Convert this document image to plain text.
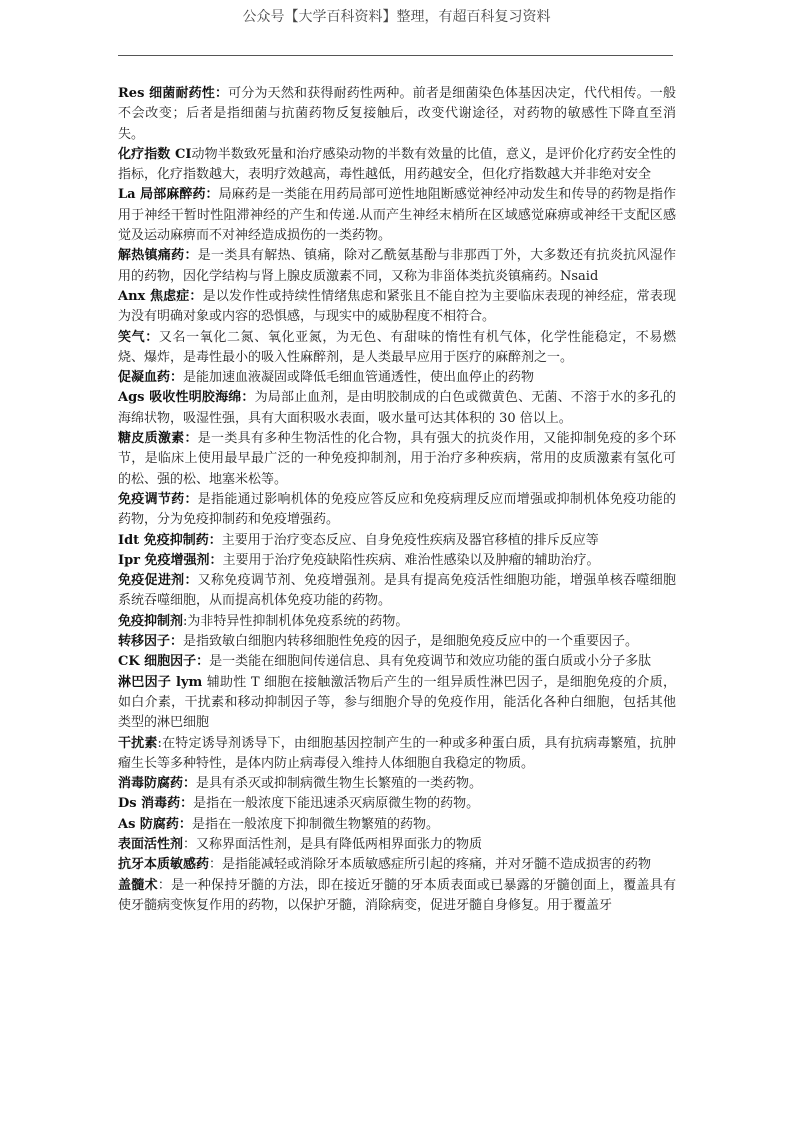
公众号【大学百科资料】整理，有超百科复习资料

Res 细菌耐药性：可分为天然和获得耐药性两种。前者是细菌染色体基因决定，代代相传。一般不会改变；后者是指细菌与抗菌药物反复接触后，改变代谢途径，对药物的敏感性下降直至消失。

化疗指数 CI动物半数致死量和治疗感染动物的半数有效量的比值，意义，是评价化疗药安全性的指标，化疗指数越大，表明疗效越高，毒性越低，用药越安全，但化疗指数越大并非绝对安全

La 局部麻醉药：局麻药是一类能在用药局部可逆性地阻断感觉神经冲动发生和传导的药物是指作用于神经干暂时性阻滞神经的产生和传递.从而产生神经末梢所在区域感觉麻痹或神经干支配区感觉及运动麻痹而不对神经造成损伤的一类药物。

解热镇痛药：是一类具有解热、镇痛，除对乙酰氨基酚与非那西丁外，大多数还有抗炎抗风湿作用的药物，因化学结构与肾上腺皮质激素不同，又称为非甾体类抗炎镇痛药。Nsaid

Anx 焦虑症：是以发作性或持续性情绪焦虑和紧张且不能自控为主要临床表现的神经症，常表现为没有明确对象或内容的恐惧感，与现实中的威胁程度不相符合。

笑气：又名一氧化二氮、氧化亚氮，为无色、有甜味的惰性有机气体，化学性能稳定，不易燃烧、爆炸，是毒性最小的吸入性麻醉剂，是人类最早应用于医疗的麻醉剂之一。

促凝血药：是能加速血液凝固或降低毛细血管通透性，使出血停止的药物

Ags 吸收性明胶海绵：为局部止血剂，是由明胶制成的白色或微黄色、无菌、不溶于水的多孔的海绵状物，吸湿性强，具有大面积吸水表面，吸水量可达其体积的 30 倍以上。

糖皮质激素：是一类具有多种生物活性的化合物，具有强大的抗炎作用，又能抑制免疫的多个环节，是临床上使用最早最广泛的一种免疫抑制剂，用于治疗多种疾病，常用的皮质激素有氢化可的松、强的松、地塞米松等。

免疫调节药：是指能通过影响机体的免疫应答反应和免疫病理反应而增强或抑制机体免疫功能的药物，分为免疫抑制药和免疫增强药。

Idt 免疫抑制药：主要用于治疗变态反应、自身免疫性疾病及器官移植的排斥反应等

Ipr 免疫增强剂：主要用于治疗免疫缺陷性疾病、难治性感染以及肿瘤的辅助治疗。

免疫促进剂：又称免疫调节剂、免疫增强剂。是具有提高免疫活性细胞功能，增强单核吞噬细胞系统吞噬细胞，从而提高机体免疫功能的药物。

免疫抑制剂:为非特异性抑制机体免疫系统的药物。

转移因子：是指致敏白细胞内转移细胞性免疫的因子，是细胞免疫反应中的一个重要因子。

CK 细胞因子：是一类能在细胞间传递信息、具有免疫调节和效应功能的蛋白质或小分子多肽

淋巴因子 lym 辅助性 T 细胞在接触激活物后产生的一组异质性淋巴因子，是细胞免疫的介质，如白介素，干扰素和移动抑制因子等，参与细胞介导的免疫作用，能活化各种白细胞，包括其他类型的淋巴细胞

干扰素:在特定诱导剂诱导下，由细胞基因控制产生的一种或多种蛋白质，具有抗病毒繁殖，抗肿瘤生长等多种特性，是体内防止病毒侵入维持人体细胞自我稳定的物质。

消毒防腐药：是具有杀灭或抑制病微生物生长繁殖的一类药物。

Ds 消毒药：是指在一般浓度下能迅速杀灭病原微生物的药物。

As 防腐药：是指在一般浓度下抑制微生物繁殖的药物。

表面活性剂：又称界面活性剂，是具有降低两相界面张力的物质

抗牙本质敏感药：是指能减轻或消除牙本质敏感症所引起的疼痛，并对牙髓不造成损害的药物

盖髓术：是一种保持牙髓的方法，即在接近牙髓的牙本质表面或已暴露的牙髓创面上，覆盖具有使牙髓病变恢复作用的药物，以保护牙髓，消除病变，促进牙髓自身修复。用于覆盖牙
